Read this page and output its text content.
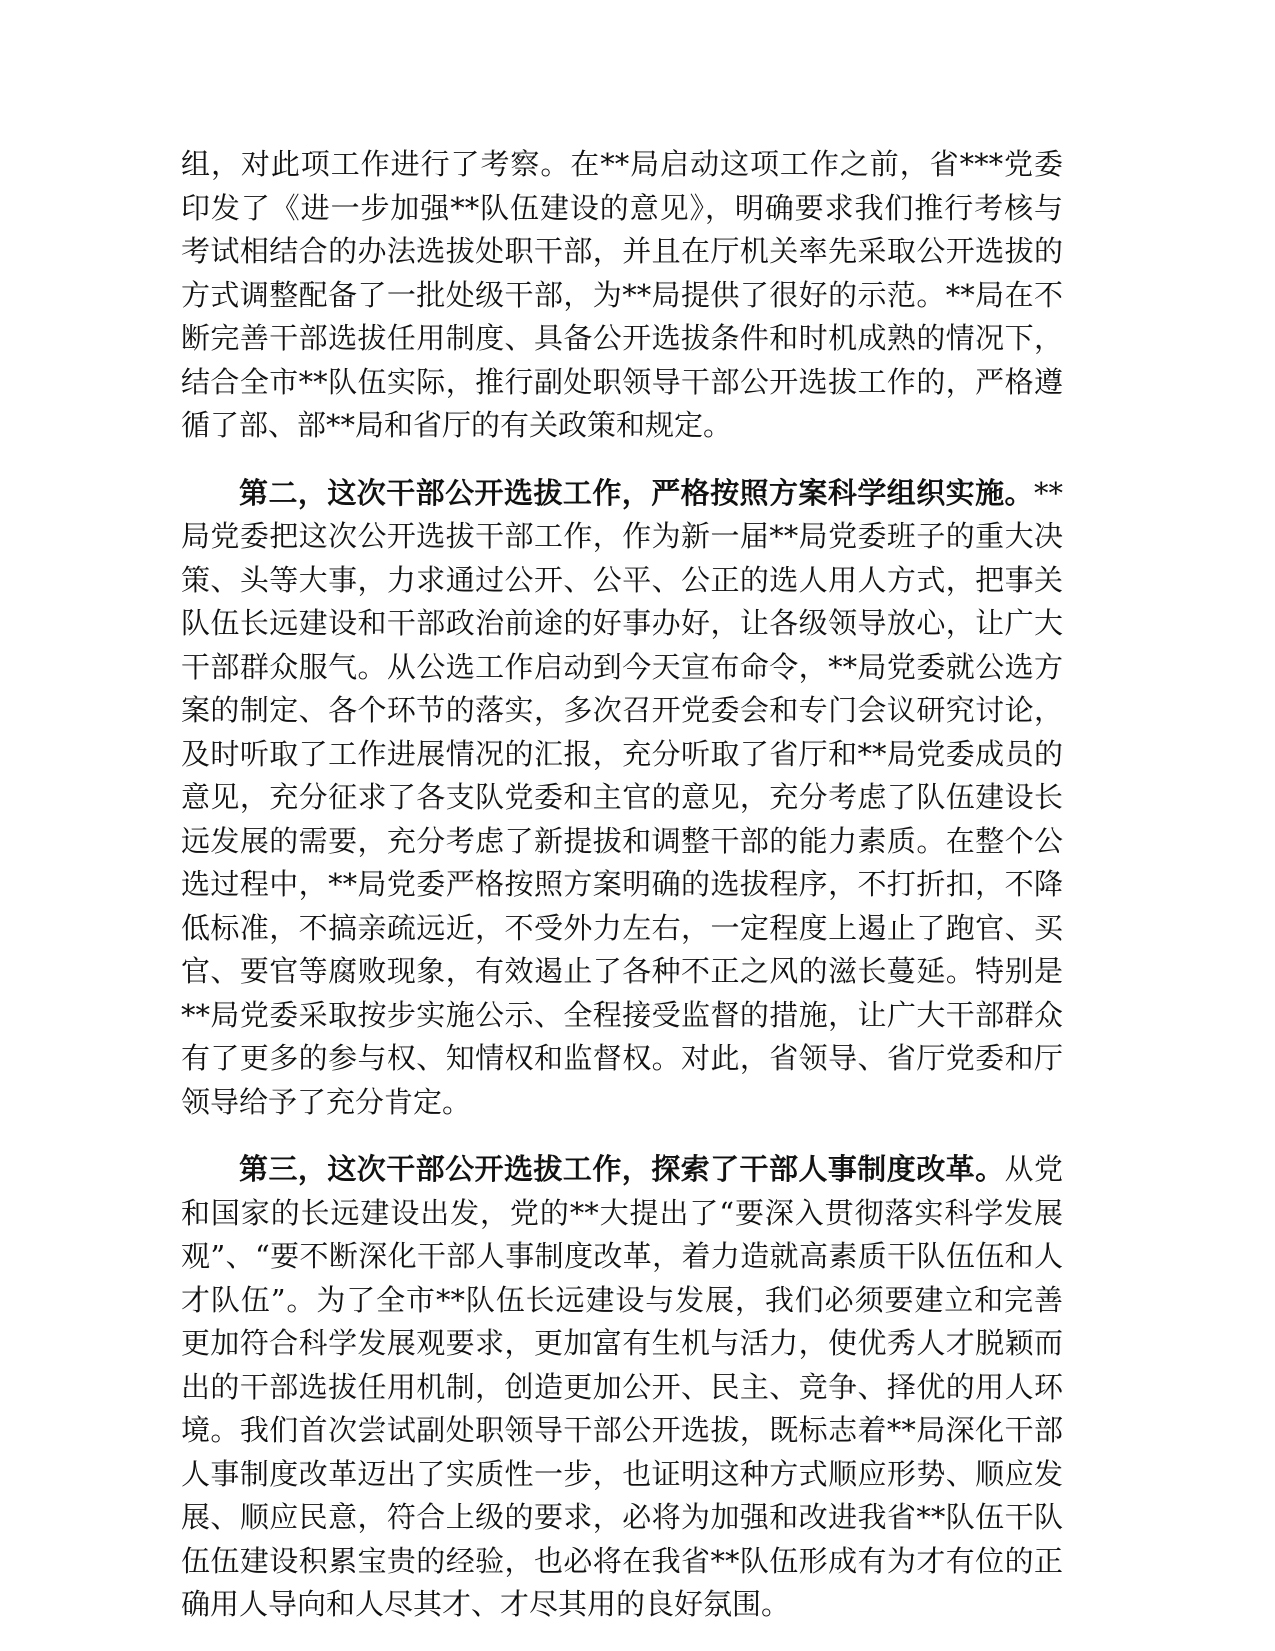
组，对此项工作进行了考察。在**局启动这项工作之前，省***党委印发了《进一步加强**队伍建设的意见》，明确要求我们推行考核与考试相结合的办法选拔处职干部，并且在厅机关率先采取公开选拔的方式调整配备了一批处级干部，为**局提供了很好的示范。**局在不断完善干部选拔任用制度、具备公开选拔条件和时机成熟的情况下，结合全市**队伍实际，推行副处职领导干部公开选拔工作的，严格遵循了部、部**局和省厅的有关政策和规定。

第二，这次干部公开选拔工作，严格按照方案科学组织实施。**局党委把这次公开选拔干部工作，作为新一届**局党委班子的重大决策、头等大事，力求通过公开、公平、公正的选人用人方式，把事关队伍长远建设和干部政治前途的好事办好，让各级领导放心，让广大干部群众服气。从公选工作启动到今天宣布命令，**局党委就公选方案的制定、各个环节的落实，多次召开党委会和专门会议研究讨论，及时听取了工作进展情况的汇报，充分听取了省厅和**局党委成员的意见，充分征求了各支队党委和主官的意见，充分考虑了队伍建设长远发展的需要，充分考虑了新提拔和调整干部的能力素质。在整个公选过程中，**局党委严格按照方案明确的选拔程序，不打折扣，不降低标准，不搞亲疏远近，不受外力左右，一定程度上遏止了跑官、买官、要官等腐败现象，有效遏止了各种不正之风的滋长蔓延。特别是**局党委采取按步实施公示、全程接受监督的措施，让广大干部群众有了更多的参与权、知情权和监督权。对此，省领导、省厅党委和厅领导给予了充分肯定。

第三，这次干部公开选拔工作，探索了干部人事制度改革。从党和国家的长远建设出发，党的**大提出了“要深入贯彻落实科学发展观”、“要不断深化干部人事制度改革，着力造就高素质干队伍伍和人才队伍”。为了全市**队伍长远建设与发展，我们必须要建立和完善更加符合科学发展观要求，更加富有生机与活力，使优秀人才脱颖而出的干部选拔任用机制，创造更加公开、民主、竞争、择优的用人环境。我们首次尝试副处职领导干部公开选拔，既标志着**局深化干部人事制度改革迈出了实质性一步，也证明这种方式顺应形势、顺应发展、顺应民意，符合上级的要求，必将为加强和改进我省**队伍干队伍伍建设积累宝贵的经验，也必将在我省**队伍形成有为才有位的正确用人导向和人尽其才、才尽其用的良好氛围。
